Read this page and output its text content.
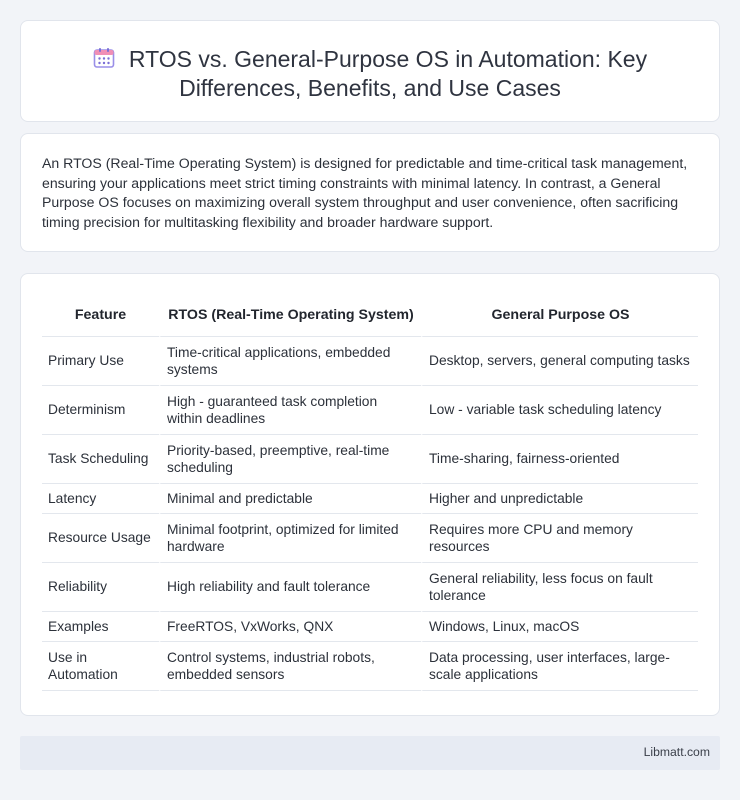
RTOS vs. General-Purpose OS in Automation: Key Differences, Benefits, and Use Cases

An RTOS (Real-Time Operating System) is designed for predictable and time-critical task management, ensuring your applications meet strict timing constraints with minimal latency. In contrast, a General Purpose OS focuses on maximizing overall system throughput and user convenience, often sacrificing timing precision for multitasking flexibility and broader hardware support.

Feature	RTOS (Real-Time Operating System)	General Purpose OS
Primary Use	Time-critical applications, embedded systems	Desktop, servers, general computing tasks
Determinism	High - guaranteed task completion within deadlines	Low - variable task scheduling latency
Task Scheduling	Priority-based, preemptive, real-time scheduling	Time-sharing, fairness-oriented
Latency	Minimal and predictable	Higher and unpredictable
Resource Usage	Minimal footprint, optimized for limited hardware	Requires more CPU and memory resources
Reliability	High reliability and fault tolerance	General reliability, less focus on fault tolerance
Examples	FreeRTOS, VxWorks, QNX	Windows, Linux, macOS
Use in Automation	Control systems, industrial robots, embedded sensors	Data processing, user interfaces, large-scale applications
Libmatt.com
